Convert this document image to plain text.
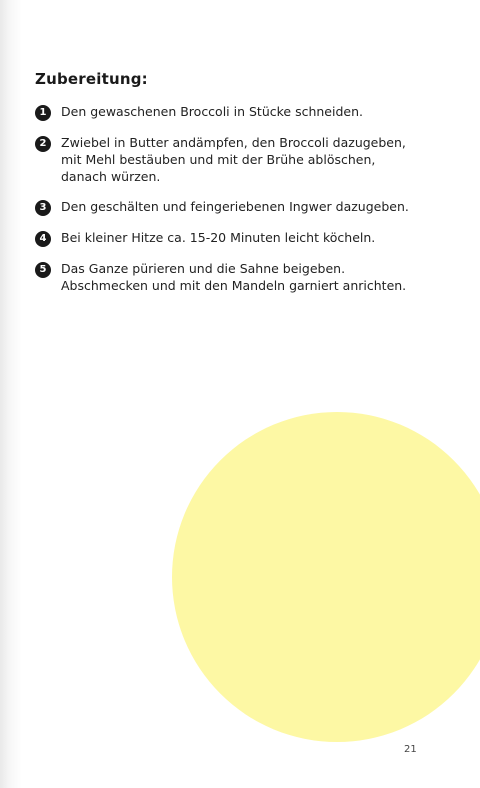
Zubereitung:
1	Den gewaschenen Broccoli in Stücke schneiden.
2	Zwiebel in Butter andämpfen, den Broccoli dazugeben,
mit Mehl bestäuben und mit der Brühe ablöschen,
danach würzen.
3	Den geschälten und feingeriebenen Ingwer dazugeben.
4	Bei kleiner Hitze ca. 15-20 Minuten leicht köcheln.
5	Das Ganze pürieren und die Sahne beigeben.
Abschmecken und mit den Mandeln garniert anrichten.
21
